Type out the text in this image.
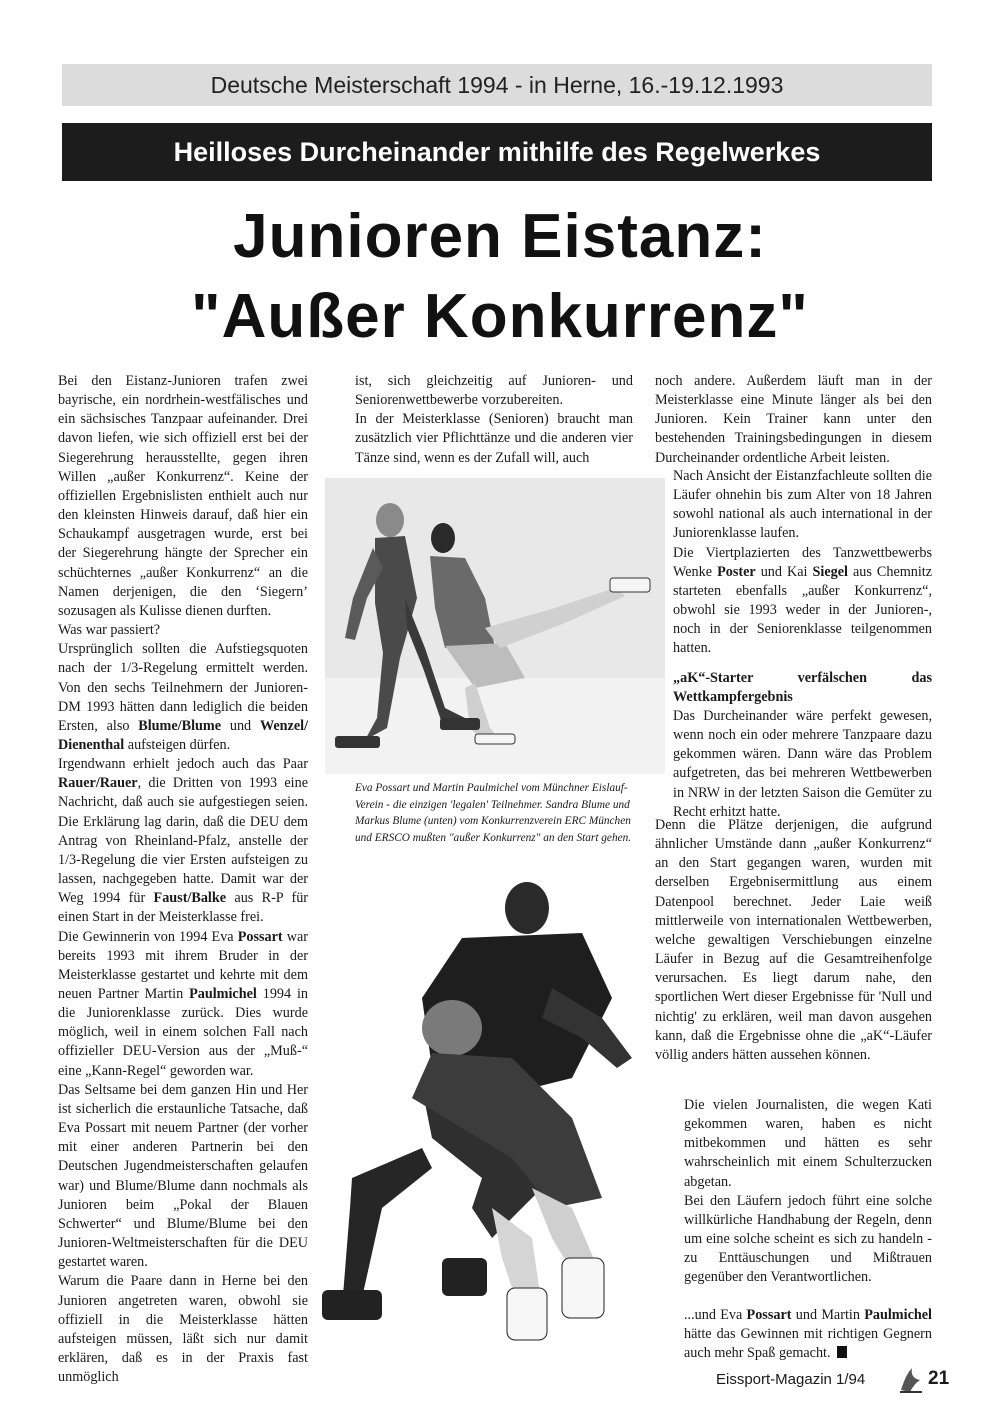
Deutsche Meisterschaft 1994 - in Herne, 16.-19.12.1993
Heilloses Durcheinander mithilfe des Regelwerkes
Junioren Eistanz:
"Außer Konkurrenz"

Bei den Eistanz-Junioren trafen zwei bayrische, ein nordrhein-westfälisches und ein sächsisches Tanzpaar aufeinander. Drei davon liefen, wie sich offiziell erst bei der Siegerehrung herausstellte, gegen ihren Willen „außer Konkurrenz“. Keine der offiziellen Ergebnislisten enthielt auch nur den kleinsten Hinweis darauf, daß hier ein Schaukampf ausgetragen wurde, erst bei der Siegerehrung hängte der Sprecher ein schüchternes „außer Konkurrenz“ an die Namen derjenigen, die den ‘Siegern’ sozusagen als Kulisse dienen durften.

Was war passiert?

Ursprünglich sollten die Aufstiegsquoten nach der 1/3-Regelung ermittelt werden. Von den sechs Teilnehmern der Junioren-DM 1993 hätten dann lediglich die beiden Ersten, also Blume/Blume und Wenzel/ Dienenthal aufsteigen dürfen.

Irgendwann erhielt jedoch auch das Paar Rauer/Rauer, die Dritten von 1993 eine Nachricht, daß auch sie aufgestiegen seien. Die Erklärung lag darin, daß die DEU dem Antrag von Rheinland-Pfalz, anstelle der 1/3-Regelung die vier Ersten aufsteigen zu lassen, nachgegeben hatte. Damit war der Weg 1994 für Faust/Balke aus R-P für einen Start in der Meisterklasse frei.

Die Gewinnerin von 1994 Eva Possart war bereits 1993 mit ihrem Bruder in der Meisterklasse gestartet und kehrte mit dem neuen Partner Martin Paulmichel 1994 in die Juniorenklasse zurück. Dies wurde möglich, weil in einem solchen Fall nach offizieller DEU-Version aus der „Muß-“ eine „Kann-Regel“ geworden war.

Das Seltsame bei dem ganzen Hin und Her ist sicherlich die erstaunliche Tatsache, daß Eva Possart mit neuem Partner (der vorher mit einer anderen Partnerin bei den Deutschen Jugendmeisterschaften gelaufen war) und Blume/Blume dann nochmals als Junioren beim „Pokal der Blauen Schwerter“ und Blume/Blume bei den Junioren-Weltmeisterschaften für die DEU gestartet waren.

Warum die Paare dann in Herne bei den Junioren angetreten waren, obwohl sie offiziell in die Meisterklasse hätten aufsteigen müssen, läßt sich nur damit erklären, daß es in der Praxis fast unmöglich

ist, sich gleichzeitig auf Junioren- und Seniorenwettbewerbe vorzubereiten.

In der Meisterklasse (Senioren) braucht man zusätzlich vier Pflichttänze und die anderen vier Tänze sind, wenn es der Zufall will, auch

Eva Possart und Martin Paulmichel vom Münchner Eislauf-Verein - die einzigen 'legalen' Teilnehmer. Sandra Blume und Markus Blume (unten) vom Konkurrenzverein ERC München und ERSCO mußten "außer Konkurrenz" an den Start gehen.

noch andere. Außerdem läuft man in der Meisterklasse eine Minute länger als bei den Junioren. Kein Trainer kann unter den bestehenden Trainingsbedingungen in diesem Durcheinander ordentliche Arbeit leisten.

Nach Ansicht der Eistanzfachleute sollten die Läufer ohnehin bis zum Alter von 18 Jahren sowohl national als auch international in der Juniorenklasse laufen.

Die Viertplazierten des Tanzwettbewerbs Wenke Poster und Kai Siegel aus Chemnitz starteten ebenfalls „außer Konkurrenz“, obwohl sie 1993 weder in der Junioren-, noch in der Seniorenklasse teilgenommen hatten.

„aK“-Starter verfälschen das Wettkampfergebnis

Das Durcheinander wäre perfekt gewesen, wenn noch ein oder mehrere Tanzpaare dazu gekommen wären. Dann wäre das Problem aufgetreten, das bei mehreren Wettbewerben in NRW in der letzten Saison die Gemüter zu Recht erhitzt hatte.

Denn die Plätze derjenigen, die aufgrund ähnlicher Umstände dann „außer Konkurrenz“ an den Start gegangen waren, wurden mit derselben Ergebnisermittlung aus einem Datenpool berechnet. Jeder Laie weiß mittlerweile von internationalen Wettbewerben, welche gewaltigen Verschiebungen einzelne Läufer in Bezug auf die Gesamtreihenfolge verursachen. Es liegt darum nahe, den sportlichen Wert dieser Ergebnisse für 'Null und nichtig' zu erklären, weil man davon ausgehen kann, daß die Ergebnisse ohne die „aK“-Läufer völlig anders hätten aussehen können.

Die vielen Journalisten, die wegen Kati gekommen waren, haben es nicht mitbekommen und hätten es sehr wahrscheinlich mit einem Schulterzucken abgetan.

Bei den Läufern jedoch führt eine solche willkürliche Handhabung der Regeln, denn um eine solche scheint es sich zu handeln - zu Enttäuschungen und Mißtrauen gegenüber den Verantwortlichen.

...und Eva Possart und Martin Paulmichel hätte das Gewinnen mit richtigen Gegnern auch mehr Spaß gemacht.

Eissport-Magazin 1/94	21
